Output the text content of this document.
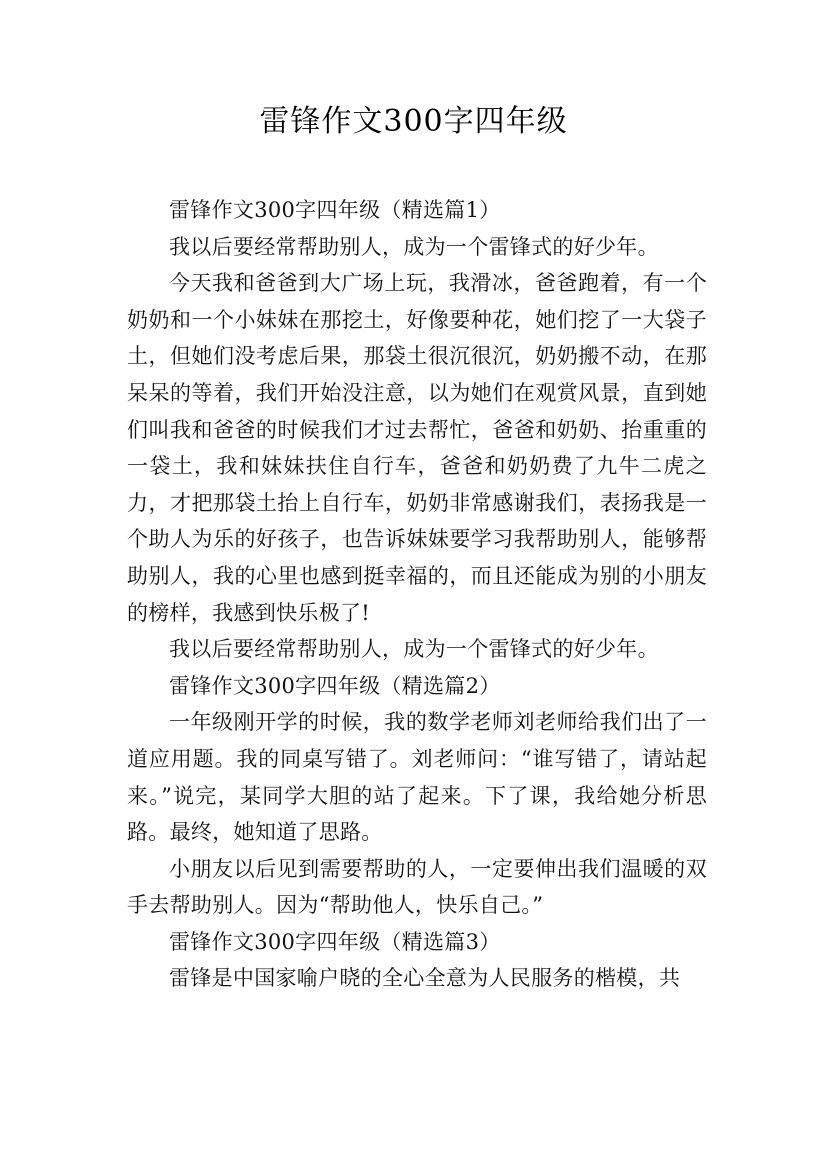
雷锋作文300字四年级

雷锋作文300字四年级（精选篇1）

我以后要经常帮助别人，成为一个雷锋式的好少年。

今天我和爸爸到大广场上玩，我滑冰，爸爸跑着，有一个奶奶和一个小妹妹在那挖土，好像要种花，她们挖了一大袋子土，但她们没考虑后果，那袋土很沉很沉，奶奶搬不动，在那呆呆的等着，我们开始没注意，以为她们在观赏风景，直到她们叫我和爸爸的时候我们才过去帮忙，爸爸和奶奶、抬重重的一袋土，我和妹妹扶住自行车，爸爸和奶奶费了九牛二虎之力，才把那袋土抬上自行车，奶奶非常感谢我们，表扬我是一个助人为乐的好孩子，也告诉妹妹要学习我帮助别人，能够帮助别人，我的心里也感到挺幸福的，而且还能成为别的小朋友的榜样，我感到快乐极了!

我以后要经常帮助别人，成为一个雷锋式的好少年。

雷锋作文300字四年级（精选篇2）

一年级刚开学的时候，我的数学老师刘老师给我们出了一道应用题。我的同桌写错了。刘老师问：“谁写错了，请站起来。”说完，某同学大胆的站了起来。下了课，我给她分析思路。最终，她知道了思路。

小朋友以后见到需要帮助的人，一定要伸出我们温暖的双手去帮助别人。因为“帮助他人，快乐自己。”

雷锋作文300字四年级（精选篇3）

雷锋是中国家喻户晓的全心全意为人民服务的楷模，共
